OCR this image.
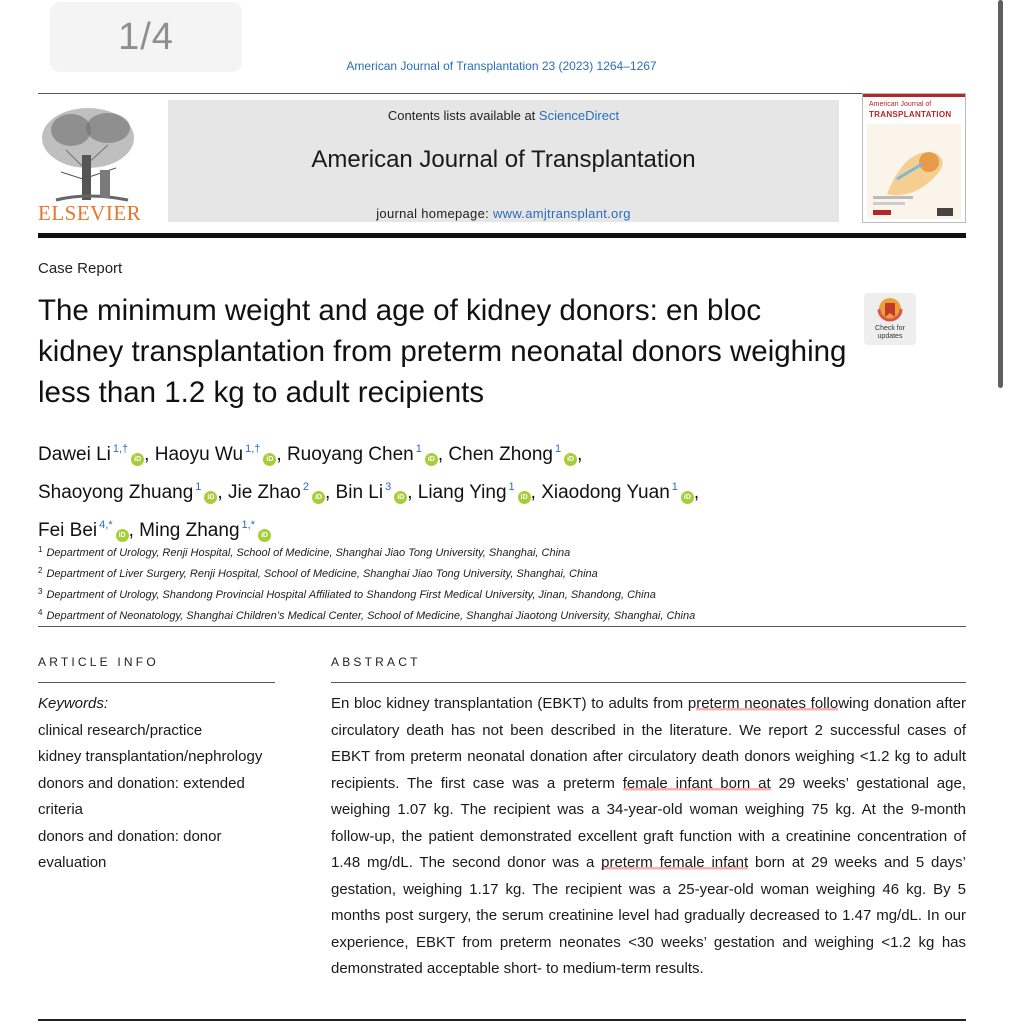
1/4
American Journal of Transplantation 23 (2023) 1264–1267
ELSEVIER
Contents lists available at ScienceDirect
American Journal of Transplantation
journal homepage: www.amjtransplant.org
American Journal of
TRANSPLANTATION
Case Report
The minimum weight and age of kidney donors: en bloc kidney transplantation from preterm neonatal donors weighing less than 1.2 kg to adult recipients
Check for updates
Dawei Li $^{1,\dagger}$iD , Haoyu Wu $^{1,\dagger}$iD , Ruoyang Chen $^1$iD , Chen Zhong $^1$iD ,
Shaoyong Zhuang $^1$iD , Jie Zhao $^2$iD , Bin Li $^3$iD , Liang Ying $^1$iD , Xiaodong Yuan $^1$iD ,
Fei Bei $^{4,*}$iD , Ming Zhang $^{1,*}$iD
$^1$ Department of Urology, Renji Hospital, School of Medicine, Shanghai Jiao Tong University, Shanghai, China
$^2$ Department of Liver Surgery, Renji Hospital, School of Medicine, Shanghai Jiao Tong University, Shanghai, China
$^3$ Department of Urology, Shandong Provincial Hospital Affiliated to Shandong First Medical University, Jinan, Shandong, China
$^4$ Department of Neonatology, Shanghai Children’s Medical Center, School of Medicine, Shanghai Jiaotong University, Shanghai, China
ARTICLE INFO	ABSTRACT
Keywords:
clinical research/practice
kidney transplantation/nephrology
donors and donation: extended criteria
donors and donation: donor evaluation

En bloc kidney transplantation (EBKT) to adults from preterm neonates following donation after circulatory death has not been described in the literature. We report 2 successful cases of EBKT from preterm neonatal donation after circulatory death donors weighing <1.2 kg to adult recipients. The first case was a preterm female infant born at 29 weeks’ gestational age, weighing 1.07 kg. The recipient was a 34-year-old woman weighing 75 kg. At the 9-month follow-up, the patient demonstrated excellent graft function with a creatinine concentration of 1.48 mg/dL. The second donor was a preterm female infant born at 29 weeks and 5 days’ gestation, weighing 1.17 kg. The recipient was a 25-year-old woman weighing 46 kg. By 5 months post surgery, the serum creatinine level had gradually decreased to 1.47 mg/dL. In our experience, EBKT from preterm neonates <30 weeks’ gestation and weighing <1.2 kg has demonstrated acceptable short- to medium-term results.
